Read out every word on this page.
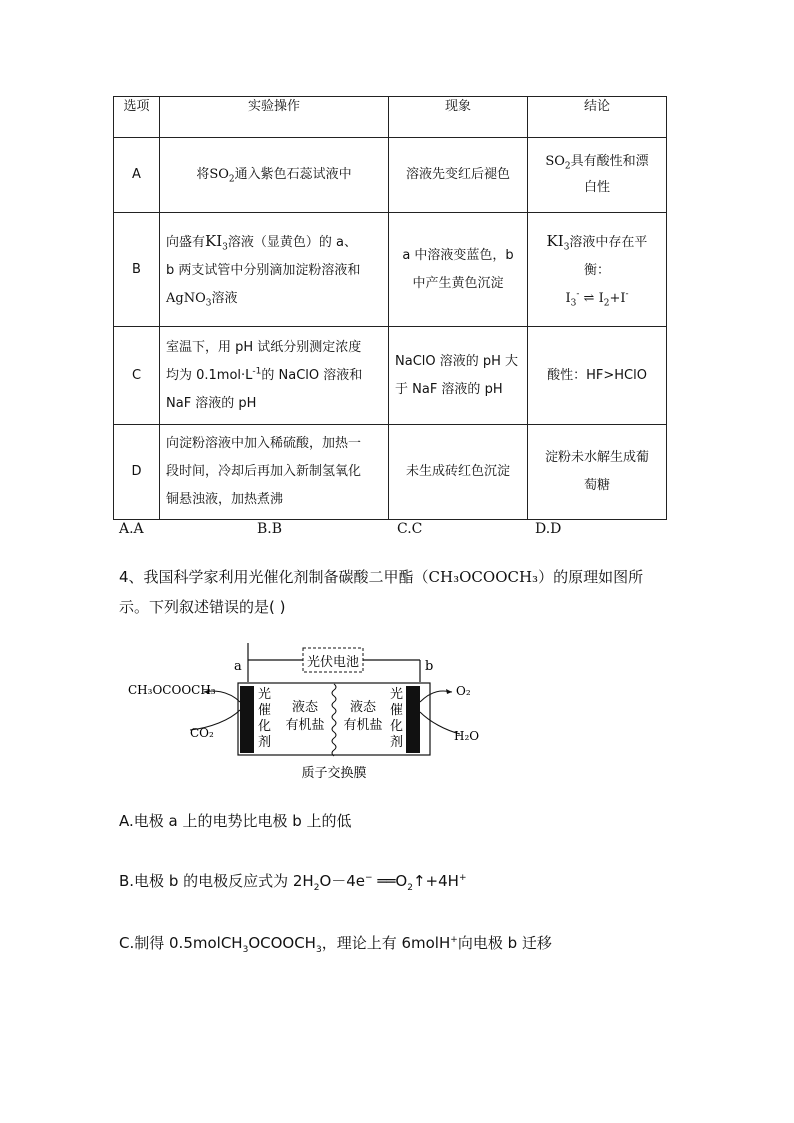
选项	实验操作	现象	结论
A	将$SO_2$通入紫色石蕊试液中	溶液先变红后褪色	$SO_2$具有酸性和漂
白性
B	向盛有$KI_3$溶液（显黄色）的 a、
b 两支试管中分别滴加淀粉溶液和
AgNO$_3$溶液	a 中溶液变蓝色，b
中产生黄色沉淀	$KI_3$溶液中存在平
衡：
$I_3^-$ ⇌ $I_2+I^-$
C	室温下，用 pH 试纸分别测定浓度
均为 $0.1mol\cdot L^{-1}$的 NaClO 溶液和
NaF 溶液的 pH	NaClO 溶液的 pH 大
于 NaF 溶液的 pH	酸性：HF>HClO
D	向淀粉溶液中加入稀硫酸，加热一
段时间，冷却后再加入新制氢氧化
铜悬浊液，加热煮沸	未生成砖红色沉淀	淀粉未水解生成葡
萄糖
A.A	B.B	C.C	D.D
4、我国科学家利用光催化剂制备碳酸二甲酯（CH₃OCOOCH₃）的原理如图所
示。下列叙述错误的是( )
光伏电池
a	b
光
催
化
剂
光
催
化
剂
液态
有机盐
液态
有机盐
质子交换膜
CH₃OCOOCH₃
CO₂
O₂
H₂O
A.电极 a 上的电势比电极 b 上的低
B.电极 b 的电极反应式为 $2H_2O-4e^-$ $══O_2↑+4H^+$
C.制得 $0.5molCH_3OCOOCH_3$，理论上有 6molH+向电极 b 迁移
